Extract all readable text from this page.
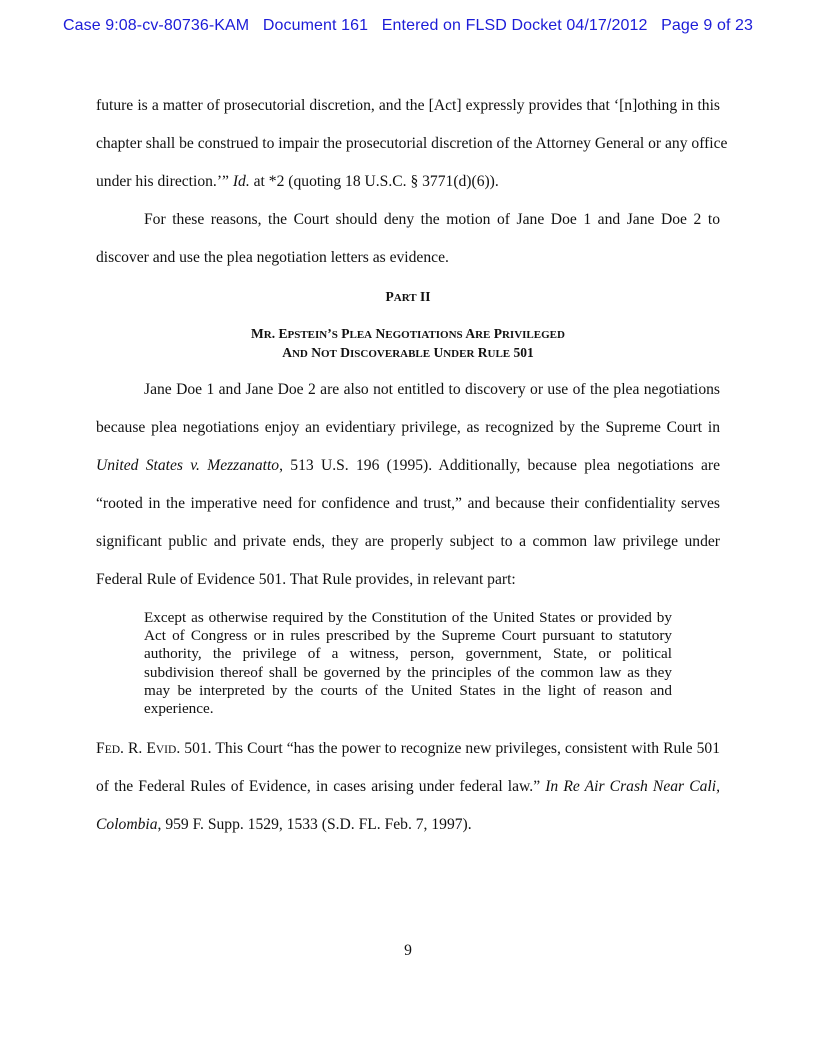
Case 9:08-cv-80736-KAM   Document 161   Entered on FLSD Docket 04/17/2012   Page 9 of 23
future is a matter of prosecutorial discretion, and the [Act] expressly provides that ‘[n]othing in this
chapter shall be construed to impair the prosecutorial discretion of the Attorney General or any office
under his direction.’” Id. at *2 (quoting 18 U.S.C. § 3771(d)(6)).
For these reasons, the Court should deny the motion of Jane Doe 1 and Jane Doe 2 to
discover and use the plea negotiation letters as evidence.
PART II
MR. EPSTEIN’S PLEA NEGOTIATIONS ARE PRIVILEGED
AND NOT DISCOVERABLE UNDER RULE 501
Jane Doe 1 and Jane Doe 2 are also not entitled to discovery or use of the plea negotiations
because plea negotiations enjoy an evidentiary privilege, as recognized by the Supreme Court in
United States v. Mezzanatto, 513 U.S. 196 (1995). Additionally, because plea negotiations are
“rooted in the imperative need for confidence and trust,” and because their confidentiality serves
significant public and private ends, they are properly subject to a common law privilege under
Federal Rule of Evidence 501. That Rule provides, in relevant part:
Except as otherwise required by the Constitution of the United States or provided by
Act of Congress or in rules prescribed by the Supreme Court pursuant to statutory
authority, the privilege of a witness, person, government, State, or political
subdivision thereof shall be governed by the principles of the common law as they
may be interpreted by the courts of the United States in the light of reason and
experience.
FED. R. EVID. 501. This Court “has the power to recognize new privileges, consistent with Rule 501
of the Federal Rules of Evidence, in cases arising under federal law.” In Re Air Crash Near Cali,
Colombia, 959 F. Supp. 1529, 1533 (S.D. FL. Feb. 7, 1997).
9
